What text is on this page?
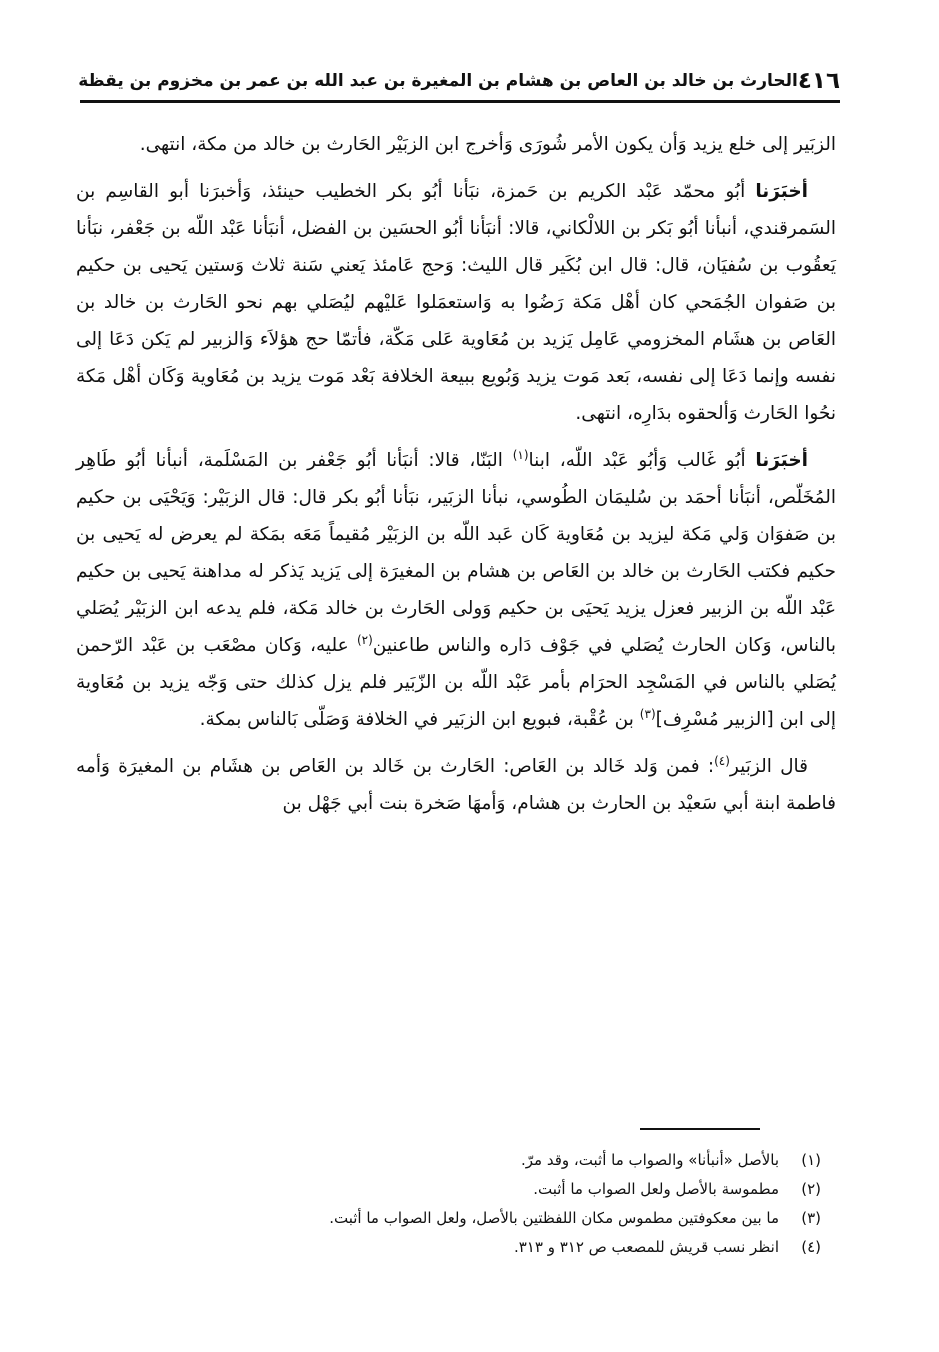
٤١٦
الحارث بن خالد بن العاص بن هشام بن المغيرة بن عبد الله بن عمر بن مخزوم بن يقظة

الزبَير إلى خلع يزيد وَأن يكون الأمر شُورَى وَأخرج ابن الزبَيْر الحَارث بن خالد من مكة، انتهى.

أخبَرَنا أبُو محمّد عَبْد الكريم بن حَمزة، نبَأنا أبُو بكر الخطيب حينئذ، وَأخبرَنا أبو القاسِم بن السَمرقندي، أنبأنا أبُو بَكر بن اللالْكاني، قالا: أنبَأنا أبُو الحسَين بن الفضل، أنبَأنا عَبْد اللّه بن جَعْفر، نبَأنا يَعقُوب بن سُفيَان، قال: قال ابن بُكَير قال الليث: وَحج عَامئذ يَعني سَنة ثلاث وَستين يَحيى بن حكيم بن صَفوان الجُمَحي كان أهْل مَكة رَضُوا به وَاستعمَلوا عَليْهم ليُصَلي بهم نحو الحَارث بن خالد بن العَاص بن هشَام المخزومي عَامِل يَزيد بن مُعَاوية عَلى مَكّة، فأتمّا حج هؤلاَء وَالزبير لم يَكن دَعَا إلى نفسه وإنما دَعَا إلى نفسه، بَعد مَوت يزيد وَبُويع ببيعة الخلافة بَعْد مَوت يزيد بن مُعَاوية وَكَان أهْل مَكة نحُوا الحَارث وَألحقوه بدَارِه، انتهى.

أخبَرَنا أبُو غَالب وَأبُو عَبْد اللّه، ابنا$^{(١)}$ البَنّا، قالا: أنبَأنا أبُو جَعْفر بن المَسْلَمة، أنبأنا أبُو طَاهِر المُخَلّص، أنبَأنا أحمَد بن سُليمَان الطُوسي، نبأنا الزبَير، نبَأنا أبُو بكر قال: قال الزبَيْر: وَيَحْيَى بن حكيم بن صَفوَان وَلي مَكة ليزيد بن مُعَاوية كَان عَبد اللّه بن الزبَيْر مُقيماً مَعَه بمَكة لم يعرض له يَحيى بن حكيم فكتب الحَارث بن خالد بن العَاص بن هشام بن المغيرَة إلى يَزيد يَذكر له مداهنة يَحيى بن حكيم عَبْد اللّه بن الزبير فعزل يزيد يَحيَى بن حكيم وَولى الحَارث بن خالد مَكة، فلم يدعه ابن الزبَيْر يُصَلي بالناس، وَكان الحارث يُصَلي في جَوْف دَاره والناس طاعنين$^{(٢)}$ عليه، وَكان مصْعَب بن عَبْد الرّحمن يُصَلي بالناس في المَسْجِد الحرَام بأمر عَبْد اللّه بن الزّبَير فلم يزل كذلك حتى وَجّه يزيد بن مُعَاوية إلى ابن [الزبير مُسْرِف]$^{(٣)}$ بن عُقْبة، فبويع ابن الزبَير في الخلافة وَصَلّى بَالناس بمكة.

قال الزبَير$^{(٤)}$: فمن وَلد خَالد بن العَاص: الحَارث بن خَالد بن العَاص بن هشَام بن المغيرَة وَأمه فاطمة ابنة أبي سَعيْد بن الحارث بن هشام، وَأمهَا صَخرة بنت أبي جَهْل بن

(١)
بالأصل «أنبأنا» والصواب ما أثبت، وقد مرّ.
(٢)
مطموسة بالأصل ولعل الصواب ما أثبت.
(٣)
ما بين معكوفتين مطموس مكان اللفظتين بالأصل، ولعل الصواب ما أثبت.
(٤)
انظر نسب قريش للمصعب ص ٣١٢ و ٣١٣.
